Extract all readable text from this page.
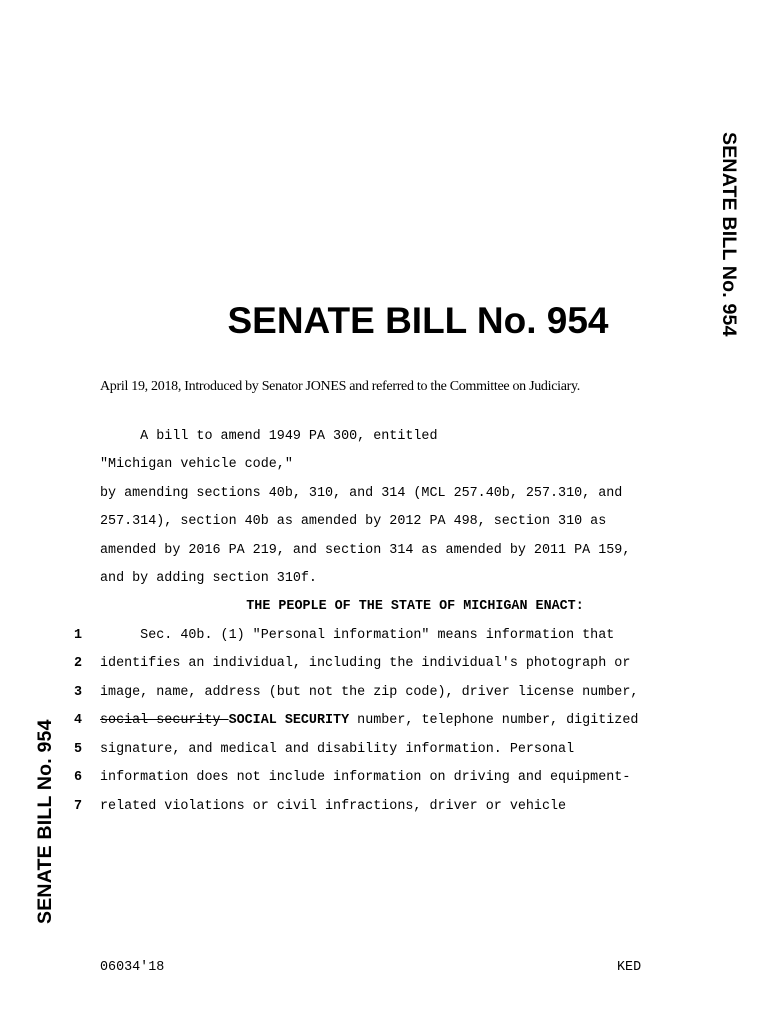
SENATE BILL No. 954
SENATE BILL No. 954
SENATE BILL No. 954
April 19, 2018, Introduced by Senator JONES and referred to the Committee on Judiciary.
A bill to amend 1949 PA 300, entitled
"Michigan vehicle code,"
by amending sections 40b, 310, and 314 (MCL 257.40b, 257.310, and
257.314), section 40b as amended by 2012 PA 498, section 310 as
amended by 2016 PA 219, and section 314 as amended by 2011 PA 159,
and by adding section 310f.
THE PEOPLE OF THE STATE OF MICHIGAN ENACT:
1 Sec. 40b. (1) "Personal information" means information that
2 identifies an individual, including the individual's photograph or
3 image, name, address (but not the zip code), driver license number,
4 social security SOCIAL SECURITY number, telephone number, digitized
5 signature, and medical and disability information. Personal
6 information does not include information on driving and equipment-
7 related violations or civil infractions, driver or vehicle
06034'18	KED
